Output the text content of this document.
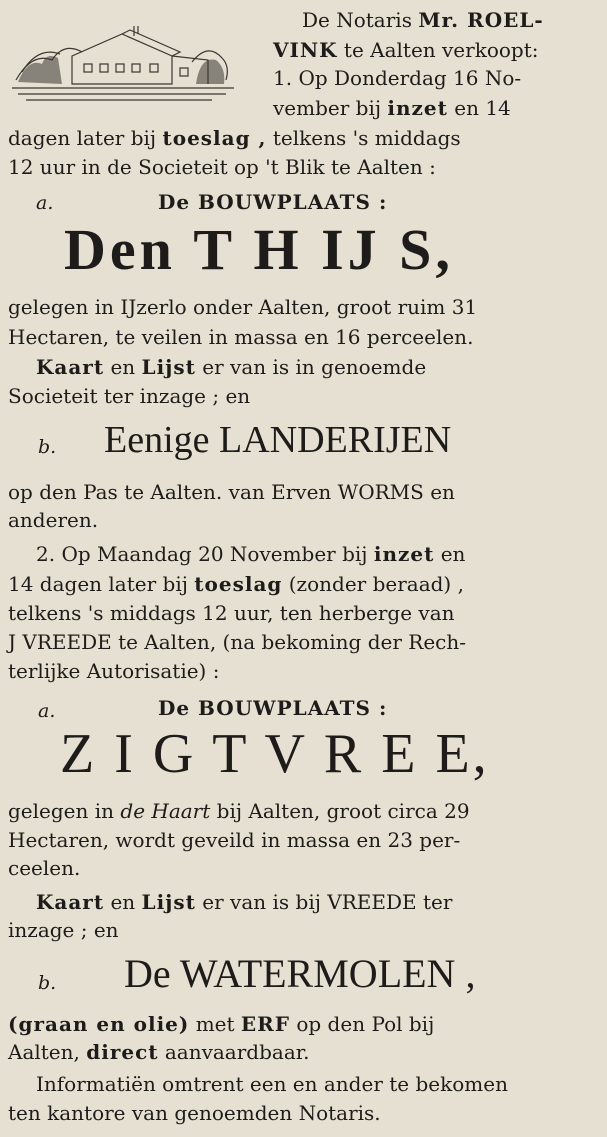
De Notaris Mr. ROEL-
VINK te Aalten verkoopt:
1. Op Donderdag 16 No-
vember bij inzet en 14
dagen later bij toeslag , telkens 's middags
12 uur in de Societeit op 't Blik te Aalten :
a.	De BOUWPLAATS :
Den T H IJ S,
gelegen in IJzerlo onder Aalten, groot ruim 31
Hectaren, te veilen in massa en 16 perceelen.
Kaart en Lijst er van is in genoemde
Societeit ter inzage ; en
b. Eenige LANDERIJEN
op den Pas te Aalten. van Erven WORMS en
anderen.
2. Op Maandag 20 November bij inzet en
14 dagen later bij toeslag (zonder beraad) ,
telkens 's middags 12 uur, ten herberge van
J VREEDE te Aalten, (na bekoming der Rech-
terlijke Autorisatie) :
a.	De BOUWPLAATS :
Z I G T V R E E,
gelegen in de Haart bij Aalten, groot circa 29
Hectaren, wordt geveild in massa en 23 per-
ceelen.
Kaart en Lijst er van is bij VREEDE ter
inzage ; en
b. De WATERMOLEN ,
(graan en olie) met ERF op den Pol bij
Aalten, direct aanvaardbaar.
Informatiën omtrent een en ander te bekomen
ten kantore van genoemden Notaris.
